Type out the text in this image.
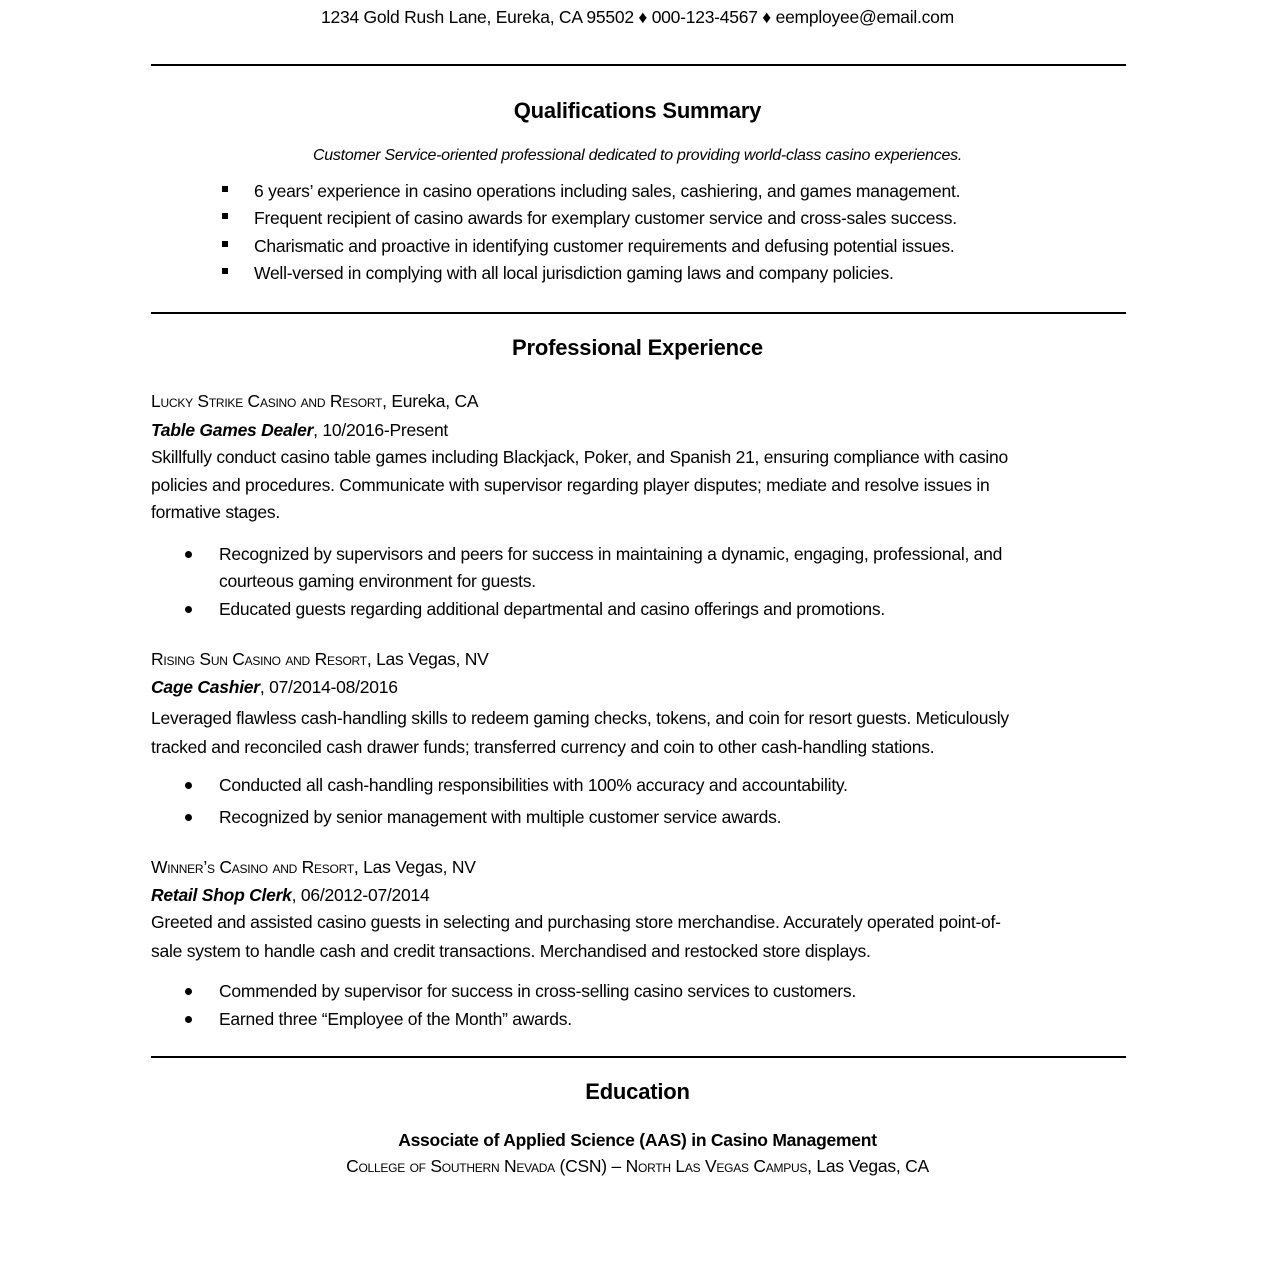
1234 Gold Rush Lane, Eureka, CA 95502 ♦ 000-123-4567 ♦ eemployee@email.com
Qualifications Summary
Customer Service-oriented professional dedicated to providing world-class casino experiences.
6 years’ experience in casino operations including sales, cashiering, and games management.
Frequent recipient of casino awards for exemplary customer service and cross-sales success.
Charismatic and proactive in identifying customer requirements and defusing potential issues.
Well-versed in complying with all local jurisdiction gaming laws and company policies.
Professional Experience
Lucky Strike Casino and Resort, Eureka, CA
Table Games Dealer, 10/2016-Present
Skillfully conduct casino table games including Blackjack, Poker, and Spanish 21, ensuring compliance with casino
policies and procedures. Communicate with supervisor regarding player disputes; mediate and resolve issues in
formative stages.
Recognized by supervisors and peers for success in maintaining a dynamic, engaging, professional, and
courteous gaming environment for guests.
Educated guests regarding additional departmental and casino offerings and promotions.
Rising Sun Casino and Resort, Las Vegas, NV
Cage Cashier, 07/2014-08/2016
Leveraged flawless cash-handling skills to redeem gaming checks, tokens, and coin for resort guests. Meticulously
tracked and reconciled cash drawer funds; transferred currency and coin to other cash-handling stations.
Conducted all cash-handling responsibilities with 100% accuracy and accountability.
Recognized by senior management with multiple customer service awards.
Winner’s Casino and Resort, Las Vegas, NV
Retail Shop Clerk, 06/2012-07/2014
Greeted and assisted casino guests in selecting and purchasing store merchandise. Accurately operated point-of-
sale system to handle cash and credit transactions. Merchandised and restocked store displays.
Commended by supervisor for success in cross-selling casino services to customers.
Earned three “Employee of the Month” awards.
Education
Associate of Applied Science (AAS) in Casino Management
College of Southern Nevada (CSN) – North Las Vegas Campus, Las Vegas, CA
